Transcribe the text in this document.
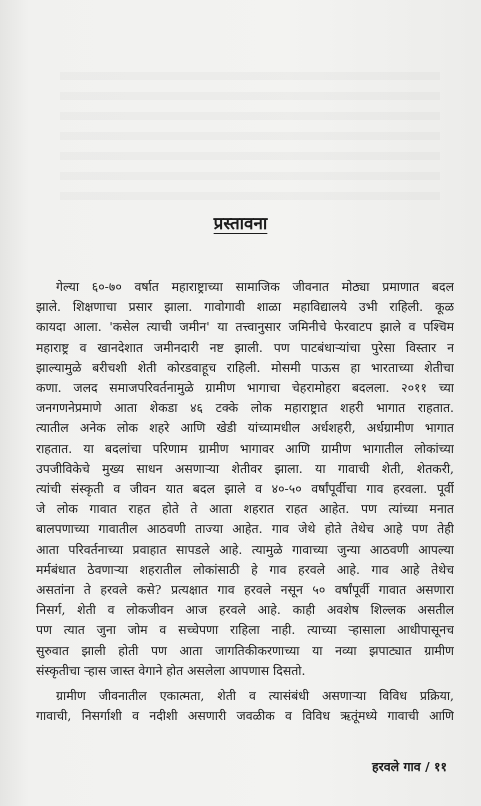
प्रस्तावना
गेल्या ६०-७० वर्षात महाराष्ट्राच्या सामाजिक जीवनात मोठ्या प्रमाणात बदल
झाले. शिक्षणाचा प्रसार झाला. गावोगावी शाळा महाविद्यालये उभी राहिली. कूळ
कायदा आला. 'कसेल त्याची जमीन' या तत्त्वानुसार जमिनीचे फेरवाटप झाले व पश्चिम
महाराष्ट्र व खानदेशात जमीनदारी नष्ट झाली. पण पाटबंधाऱ्यांचा पुरेसा विस्तार न
झाल्यामुळे बरीचशी शेती कोरडवाहूच राहिली. मोसमी पाऊस हा भारताच्या शेतीचा
कणा. जलद समाजपरिवर्तनामुळे ग्रामीण भागाचा चेहरामोहरा बदलला. २०११ च्या
जनगणनेप्रमाणे आता शेकडा ४६ टक्के लोक महाराष्ट्रात शहरी भागात राहतात.
त्यातील अनेक लोक शहरे आणि खेडी यांच्यामधील अर्धशहरी, अर्धग्रामीण भागात
राहतात. या बदलांचा परिणाम ग्रामीण भागावर आणि ग्रामीण भागातील लोकांच्या
उपजीविकेचे मुख्य साधन असणाऱ्या शेतीवर झाला. या गावाची शेती, शेतकरी,
त्यांची संस्कृती व जीवन यात बदल झाले व ४०-५० वर्षांपूर्वीचा गाव हरवला. पूर्वी
जे लोक गावात राहत होते ते आता शहरात राहत आहेत. पण त्यांच्या मनात
बालपणाच्या गावातील आठवणी ताज्या आहेत. गाव जेथे होते तेथेच आहे पण तेही
आता परिवर्तनाच्या प्रवाहात सापडले आहे. त्यामुळे गावाच्या जुन्या आठवणी आपल्या
मर्मबंधात ठेवणाऱ्या शहरातील लोकांसाठी हे गाव हरवले आहे. गाव आहे तेथेच
असतांना ते हरवले कसे? प्रत्यक्षात गाव हरवले नसून ५० वर्षांपूर्वी गावात असणारा
निसर्ग, शेती व लोकजीवन आज हरवले आहे. काही अवशेष शिल्लक असतील
पण त्यात जुना जोम व सच्चेपणा राहिला नाही. त्याच्या ऱ्हासाला आधीपासूनच
सुरुवात झाली होती पण आता जागतिकीकरणाच्या या नव्या झपाट्यात ग्रामीण
संस्कृतीचा ऱ्हास जास्त वेगाने होत असलेला आपणास दिसतो.
ग्रामीण जीवनातील एकात्मता, शेती व त्यासंबंधी असणाऱ्या विविध प्रक्रिया,
गावाची, निसर्गाशी व नदीशी असणारी जवळीक व विविध ऋतूंमध्ये गावाची आणि
हरवले गाव / ११
